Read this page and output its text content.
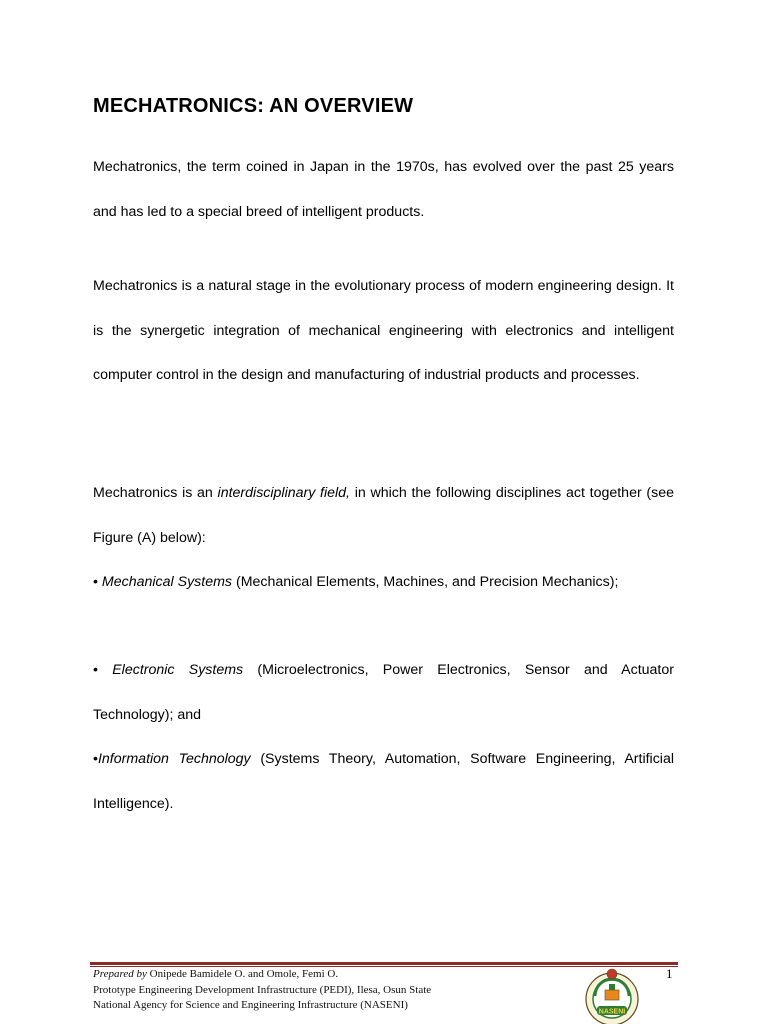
MECHATRONICS: AN OVERVIEW

Mechatronics, the term coined in Japan in the 1970s, has evolved over the past 25 years and has led to a special breed of intelligent products.

Mechatronics is a natural stage in the evolutionary process of modern engineering design. It is the synergetic integration of mechanical engineering with electronics and intelligent computer control in the design and manufacturing of industrial products and processes.

Mechatronics is an interdisciplinary field, in which the following disciplines act together (see Figure (A) below):

• Mechanical Systems (Mechanical Elements, Machines, and Precision Mechanics);

• Electronic Systems (Microelectronics, Power Electronics, Sensor and Actuator Technology); and

•Information Technology (Systems Theory, Automation, Software Engineering, Artificial Intelligence).

Prepared by Onipede Bamidele O. and Omole, Femi O.
Prototype Engineering Development Infrastructure (PEDI), Ilesa, Osun State
National Agency for Science and Engineering Infrastructure (NASENI)
1
NASENI
